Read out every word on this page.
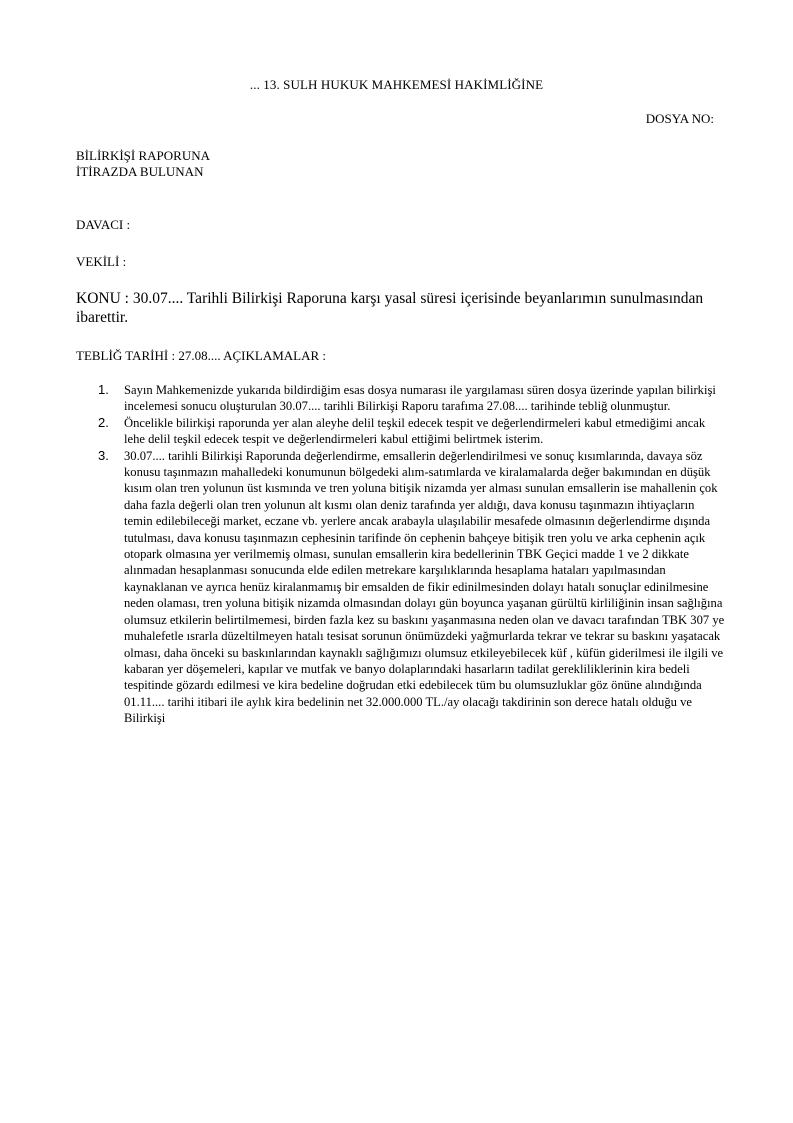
... 13. SULH HUKUK MAHKEMESİ HAKİMLİĞİNE
DOSYA NO:
BİLİRKİŞİ RAPORUNA
İTİRAZDA BULUNAN
DAVACI :
VEKİLİ :
KONU : 30.07.... Tarihli Bilirkişi Raporuna karşı yasal süresi içerisinde beyanlarımın sunulmasından ibarettir.
TEBLİĞ TARİHİ : 27.08.... AÇIKLAMALAR :
1. Sayın Mahkemenizde yukarıda bildirdiğim esas dosya numarası ile yargılaması süren dosya üzerinde yapılan bilirkişi incelemesi sonucu oluşturulan 30.07.... tarihli Bilirkişi Raporu tarafıma 27.08.... tarihinde tebliğ olunmuştur.
2. Öncelikle bilirkişi raporunda yer alan aleyhe delil teşkil edecek tespit ve değerlendirmeleri kabul etmediğimi ancak lehe delil teşkil edecek tespit ve değerlendirmeleri kabul ettiğimi belirtmek isterim.
3. 30.07.... tarihli Bilirkişi Raporunda değerlendirme, emsallerin değerlendirilmesi ve sonuç kısımlarında, davaya söz konusu taşınmazın mahalledeki konumunun bölgedeki alım-satımlarda ve kiralamalarda değer bakımından en düşük kısım olan tren yolunun üst kısmında ve tren yoluna bitişik nizamda yer alması sunulan emsallerin ise mahallenin çok daha fazla değerli olan tren yolunun alt kısmı olan deniz tarafında yer aldığı, dava konusu taşınmazın ihtiyaçların temin edilebileceği market, eczane vb. yerlere ancak arabayla ulaşılabilir mesafede olmasının değerlendirme dışında tutulması, dava konusu taşınmazın cephesinin tarifinde ön cephenin bahçeye bitişik tren yolu ve arka cephenin açık otopark olmasına yer verilmemiş olması, sunulan emsallerin kira bedellerinin TBK Geçici madde 1 ve 2 dikkate alınmadan hesaplanması sonucunda elde edilen metrekare karşılıklarında hesaplama hataları yapılmasından kaynaklanan ve ayrıca henüz kiralanmamış bir emsalden de fikir edinilmesinden dolayı hatalı sonuçlar edinilmesine neden olaması, tren yoluna bitişik nizamda olmasından dolayı gün boyunca yaşanan gürültü kirliliğinin insan sağlığına olumsuz etkilerin belirtilmemesi, birden fazla kez su baskını yaşanmasına neden olan ve davacı tarafından TBK 307 ye muhalefetle ısrarla düzeltilmeyen hatalı tesisat sorunun önümüzdeki yağmurlarda tekrar ve tekrar su baskını yaşatacak olması, daha önceki su baskınlarından kaynaklı sağlığımızı olumsuz etkileyebilecek küf , küfün giderilmesi ile ilgili ve kabaran yer döşemeleri, kapılar ve mutfak ve banyo dolaplarındaki hasarların tadilat gerekliliklerinin kira bedeli tespitinde gözardı edilmesi ve kira bedeline doğrudan etki edebilecek tüm bu olumsuzluklar göz önüne alındığında 01.11.... tarihi itibari ile aylık kira bedelinin net 32.000.000 TL./ay olacağı takdirinin son derece hatalı olduğu ve Bilirkişi
